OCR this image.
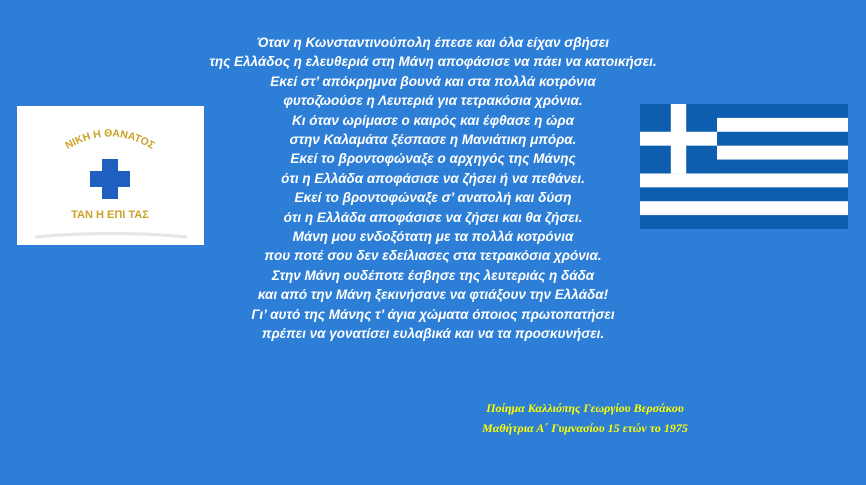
Όταν η Κωνσταντινούπολη έπεσε και όλα είχαν σβήσει
της Ελλάδος η ελευθεριά στη Μάνη αποφάσισε να πάει να κατοικήσει.
Εκεί στ’ απόκρημνα βουνά και στα πολλά κοτρόνια
φυτοζωούσε η Λευτεριά για τετρακόσια χρόνια.
Κι όταν ωρίμασε ο καιρός και έφθασε η ώρα
στην Καλαμάτα ξέσπασε η Μανιάτικη μπόρα.
Εκεί το βροντοφώναξε ο αρχηγός της Μάνης
ότι η Ελλάδα αποφάσισε να ζήσει ή να πεθάνει.
Εκεί το βροντοφώναξε σ’ ανατολή και δύση
ότι η Ελλάδα αποφάσισε να ζήσει και θα ζήσει.
Μάνη μου ενδοξότατη με τα πολλά κοτρόνια
που ποτέ σου δεν εδείλιασες στα τετρακόσια χρόνια.
Στην Μάνη ουδέποτε έσβησε της λευτεριάς η δάδα
και από την Μάνη ξεκινήσανε να φτιάξουν την Ελλάδα!
Γι’ αυτό της Μάνης τ’ άγια χώματα όποιος πρωτοπατήσει
πρέπει να γονατίσει ευλαβικά και να τα προσκυνήσει.
Ποίημα Καλλιόπης Γεωργίου Βερσάκου
Μαθήτρια Α΄ Γυμνασίου 15 ετών το 1975
ΝΙΚΗ Η ΘΑΝΑΤΟΣ
ΤΑΝ Η ΕΠΙ ΤΑΣ
